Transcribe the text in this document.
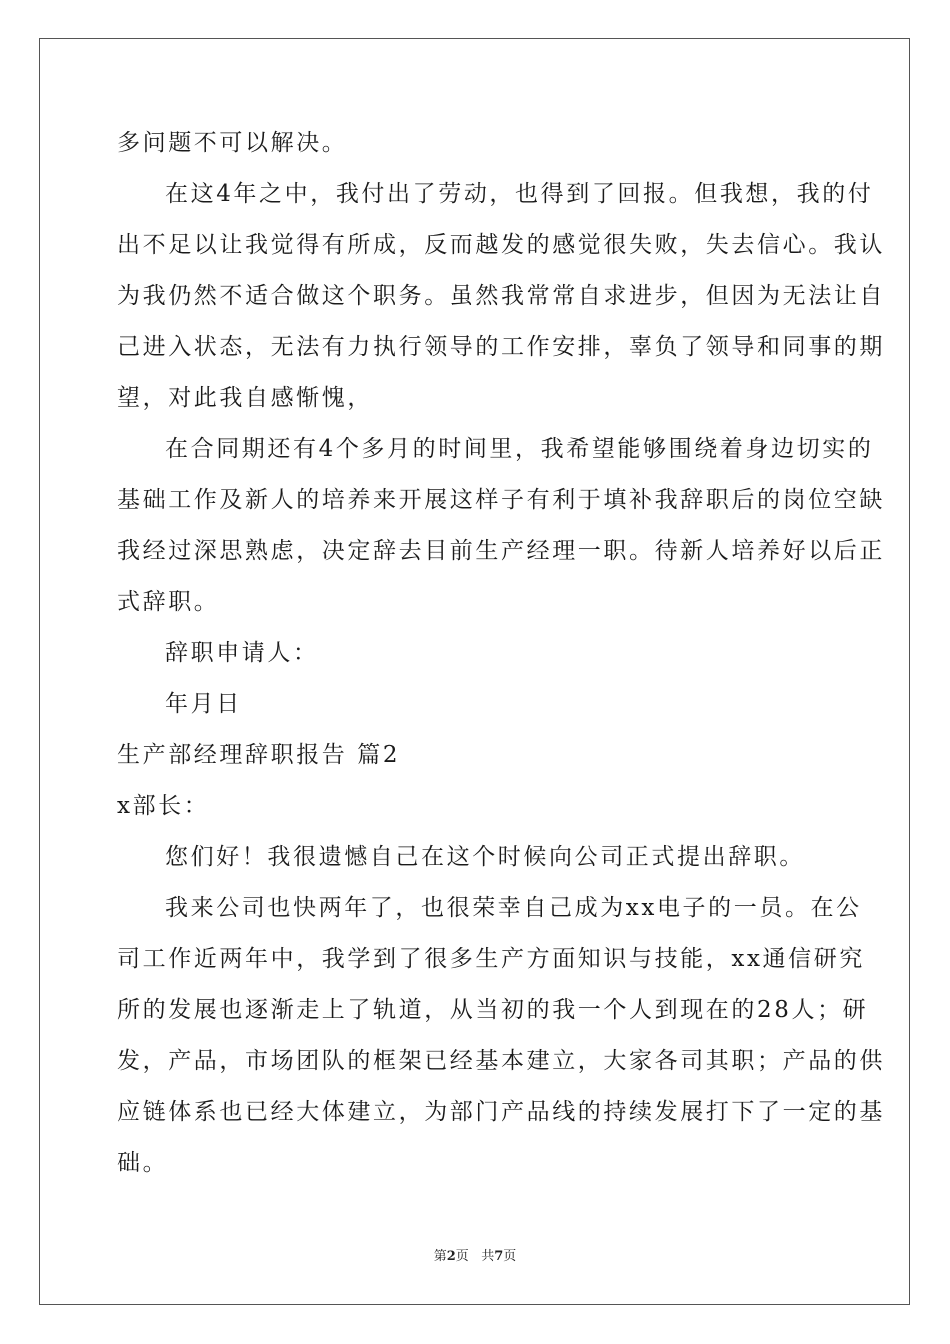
多问题不可以解决。
在这4年之中，我付出了劳动，也得到了回报。但我想，我的付
出不足以让我觉得有所成，反而越发的感觉很失败，失去信心。我认
为我仍然不适合做这个职务。虽然我常常自求进步，但因为无法让自
己进入状态，无法有力执行领导的工作安排，辜负了领导和同事的期
望，对此我自感惭愧，
在合同期还有4个多月的时间里，我希望能够围绕着身边切实的
基础工作及新人的培养来开展这样子有利于填补我辞职后的岗位空缺
我经过深思熟虑，决定辞去目前生产经理一职。待新人培养好以后正
式辞职。
辞职申请人：
年月日
生产部经理辞职报告 篇2
x部长：
您们好！我很遗憾自己在这个时候向公司正式提出辞职。
我来公司也快两年了，也很荣幸自己成为xx电子的一员。在公
司工作近两年中，我学到了很多生产方面知识与技能，xx通信研究
所的发展也逐渐走上了轨道，从当初的我一个人到现在的28人；研
发，产品，市场团队的框架已经基本建立，大家各司其职；产品的供
应链体系也已经大体建立，为部门产品线的持续发展打下了一定的基
础。
第2页 共7页
